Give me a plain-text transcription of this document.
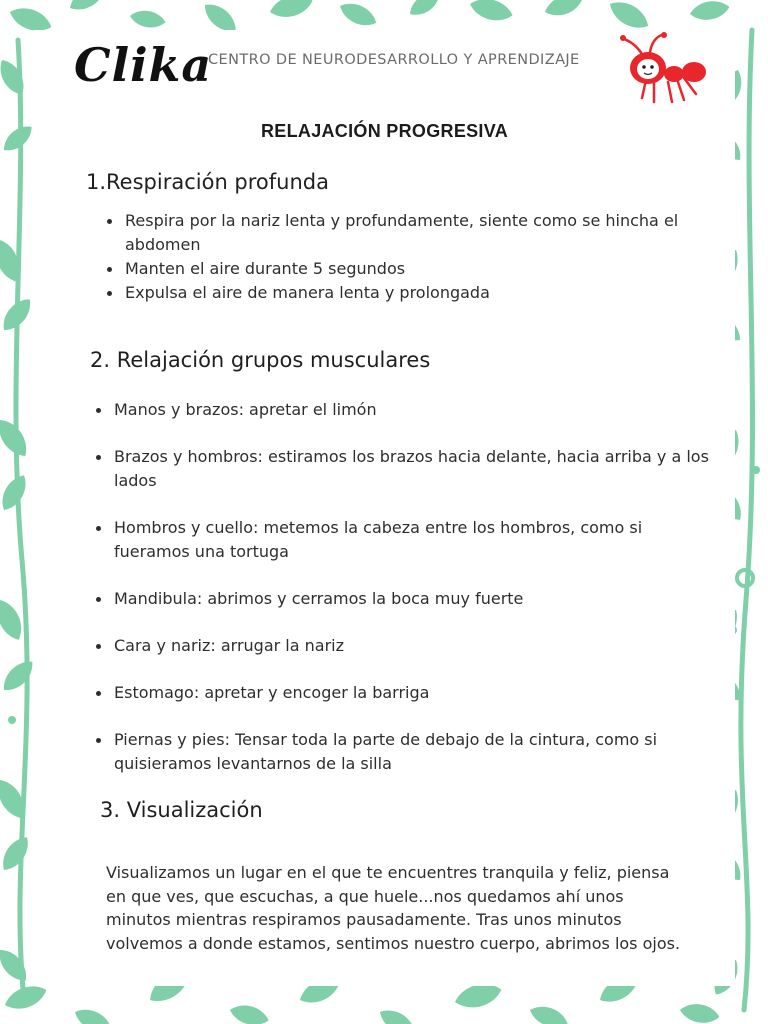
Clika
CENTRO DE NEURODESARROLLO Y APRENDIZAJE
RELAJACIÓN PROGRESIVA
1.Respiración profunda
Respira por la nariz lenta y profundamente, siente como se hincha el abdomen
Manten el aire durante 5 segundos
Expulsa el aire de manera lenta y prolongada
2. Relajación grupos musculares
Manos y brazos: apretar el limón
Brazos y hombros: estiramos los brazos hacia delante, hacia arriba y a los lados
Hombros y cuello: metemos la cabeza entre los hombros, como si fueramos una tortuga
Mandibula: abrimos y cerramos la boca muy fuerte
Cara y nariz: arrugar la nariz
Estomago: apretar y encoger la barriga
Piernas y pies: Tensar toda la parte de debajo de la cintura, como si quisieramos levantarnos de la silla
3. Visualización

Visualizamos un lugar en el que te encuentres tranquila y feliz, piensa en que ves, que escuchas, a que huele...nos quedamos ahí unos minutos mientras respiramos pausadamente. Tras unos minutos volvemos a donde estamos, sentimos nuestro cuerpo, abrimos los ojos.
